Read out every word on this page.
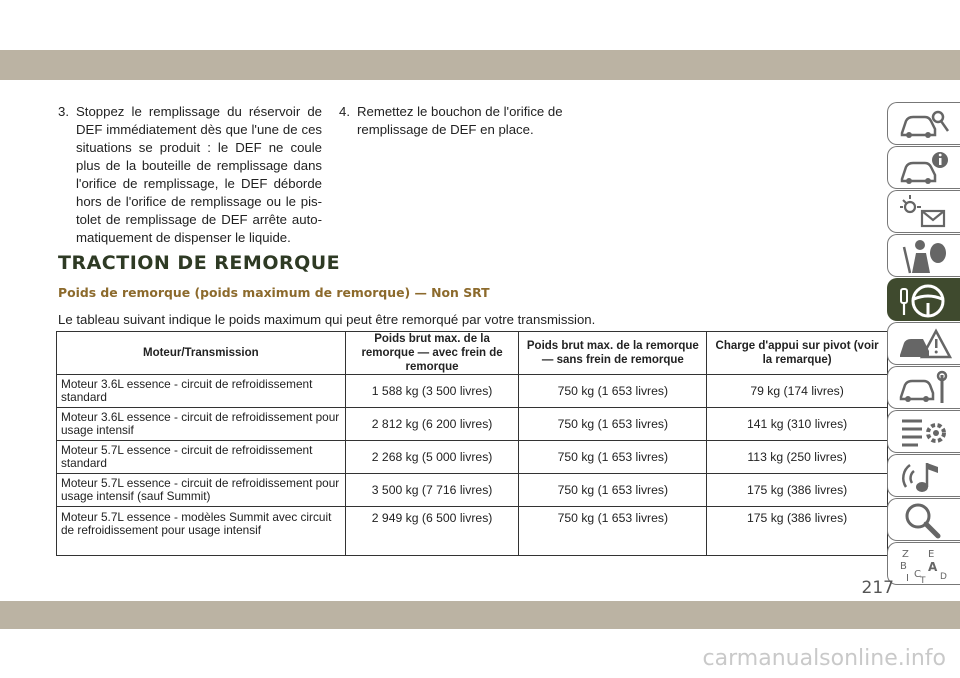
3. Stoppez le remplissage du réservoir de DEF immédiatement dès que l'une de ces situations se produit : le DEF ne coule plus de la bouteille de remplissage dans l'orifice de remplissage, le DEF déborde hors de l'orifice de remplissage ou le pis-tolet de remplissage de DEF arrête auto-matiquement de dispenser le liquide.
4. Remettez le bouchon de l'orifice de remplissage de DEF en place.
TRACTION DE REMORQUE
Poids de remorque (poids maximum de remorque) — Non SRT

Le tableau suivant indique le poids maximum qui peut être remorqué par votre transmission.

Moteur/Transmission	Poids brut max. de la remorque — avec frein de remorque	Poids brut max. de la remorque — sans frein de remorque	Charge d'appui sur pivot (voir la remarque)
Moteur 3.6L essence - circuit de refroidissement standard	1 588 kg (3 500 livres)	750 kg (1 653 livres)	79 kg (174 livres)
Moteur 3.6L essence - circuit de refroidissement pour usage intensif	2 812 kg (6 200 livres)	750 kg (1 653 livres)	141 kg (310 livres)
Moteur 5.7L essence - circuit de refroidissement standard	2 268 kg (5 000 livres)	750 kg (1 653 livres)	113 kg (250 livres)
Moteur 5.7L essence - circuit de refroidissement pour usage intensif (sauf Summit)	3 500 kg (7 716 livres)	750 kg (1 653 livres)	175 kg (386 livres)
Moteur 5.7L essence - modèles Summit avec circuit de refroidissement pour usage intensif	2 949 kg (6 500 livres)	750 kg (1 653 livres)	175 kg (386 livres)
Z E
B A
D
I C
T
217
carmanualsonline.info
